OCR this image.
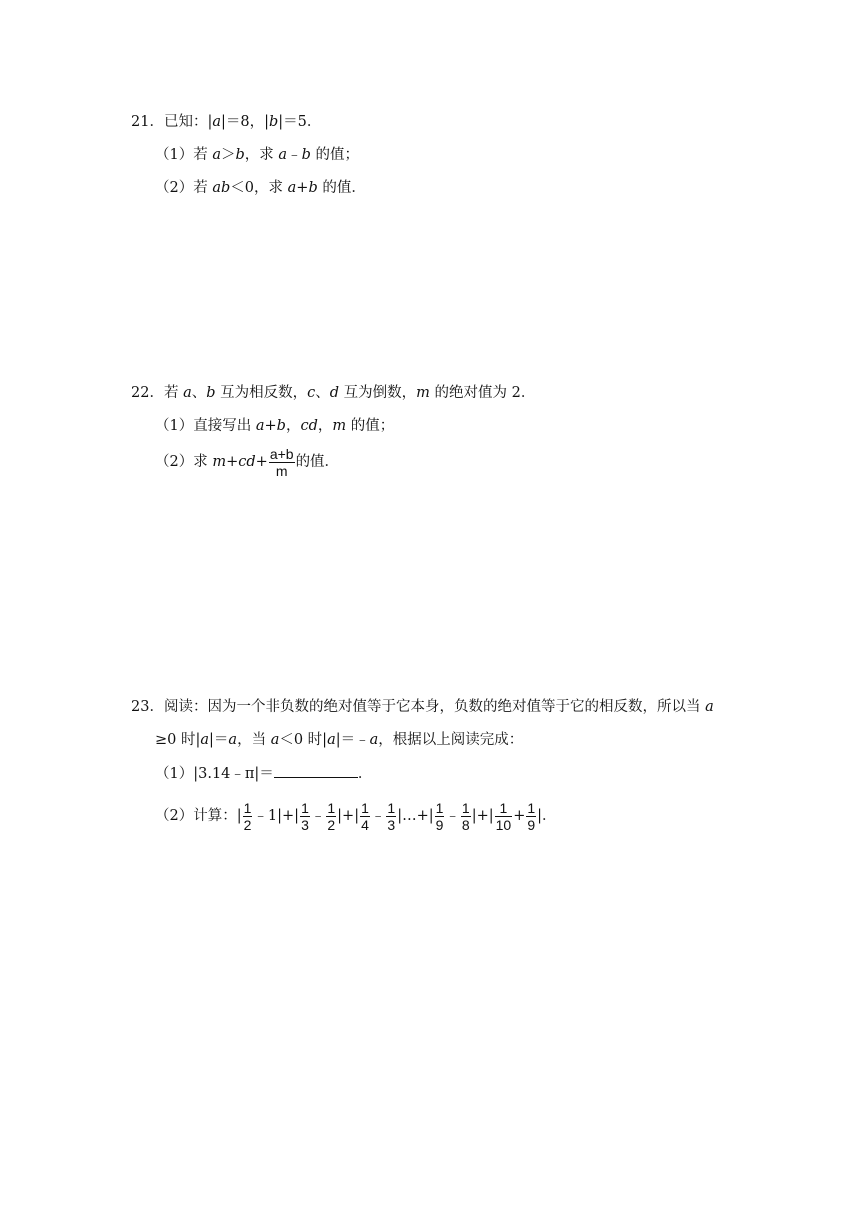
21．已知：|a|＝8，|b|＝5．
（1）若 a＞b，求 a﹣b 的值；
（2）若 ab＜0，求 a+b 的值．
22．若 a、b 互为相反数，c、d 互为倒数，m 的绝对值为 2．
（1）直接写出 a+b，cd，m 的值；
（2）求 $m+cd+ \frac{a+b}{m}$ 的值．
23．阅读：因为一个非负数的绝对值等于它本身，负数的绝对值等于它的相反数，所以当 a
≥0 时|a|＝a，当 a＜0 时|a|＝﹣a，根据以上阅读完成：
（1）|3.14﹣π|＝	．
（2）计算：| $\frac{1}{2}$ ﹣1|+| $\frac{1}{3}$ ﹣ $\frac{1}{2}$ |+| $\frac{1}{4}$ ﹣ $\frac{1}{3}$ |…+| $\frac{1}{9}$ ﹣ $\frac{1}{8}$ |+| $\frac{1}{10} + \frac{1}{9}$ |．
